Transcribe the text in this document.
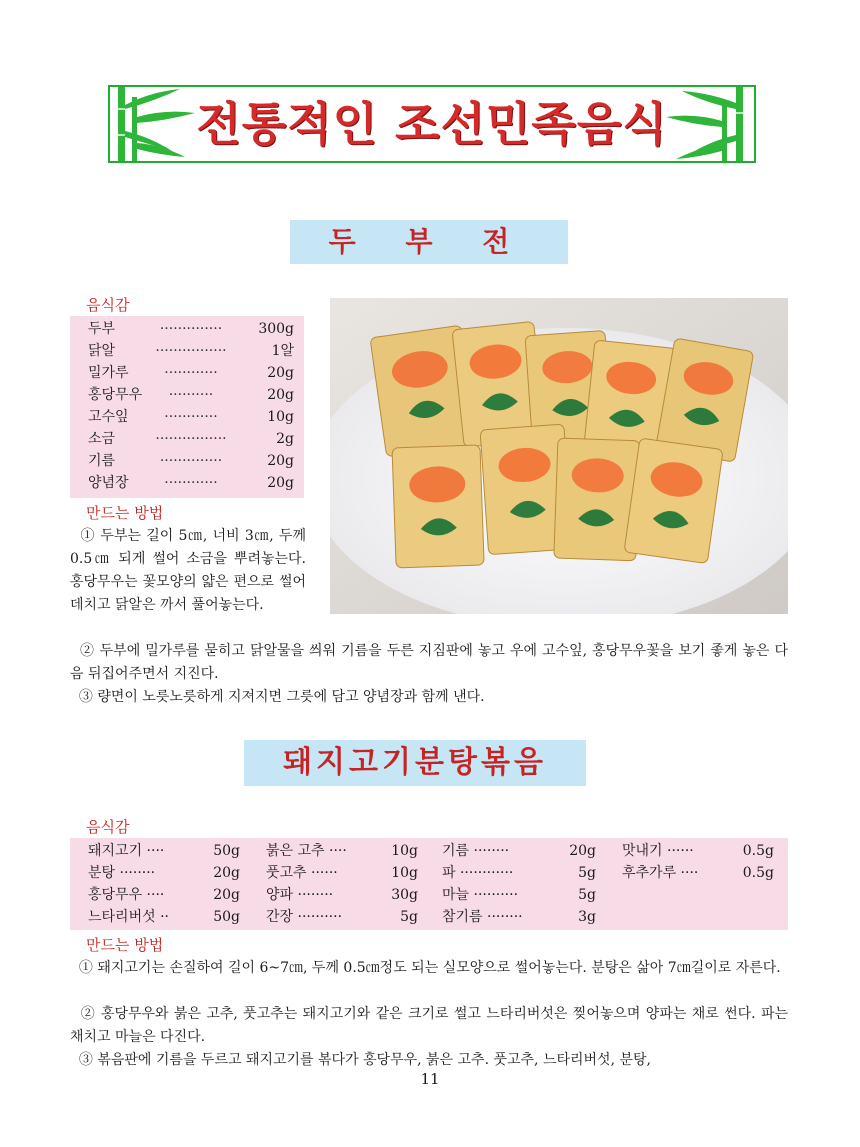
전통적인 조선민족음식
두 부 전
음식감
··············
두부	300g
················
닭알	1알
············
밀가루	20g
··········
홍당무우	20g
············
고수잎	10g
················
소금	2g
··············
기름	20g
············
양념장	20g
만드는 방법
① 두부는 길이 5㎝, 너비 3㎝, 두께 0.5㎝ 되게 썰어 소금을 뿌려놓는다. 홍당무우는 꽃모양의 얇은 편으로 썰어 데치고 닭알은 까서 풀어놓는다.
② 두부에 밀가루를 묻히고 닭알물을 씌워 기름을 두른 지짐판에 놓고 우에 고수잎, 홍당무우꽃을 보기 좋게 놓은 다음 뒤집어주면서 지진다.
③ 량면이 노릇노릇하게 지져지면 그릇에 담고 양념장과 함께 낸다.
돼지고기분탕볶음
음식감
돼지고기 ····	50g 붉은 고추 ····	10g 기름 ········	20g 맛내기 ······	0.5g
분탕 ········	20g 풋고추 ······	10g 파 ············	5g 후추가루 ····	0.5g
홍당무우 ····	20g 양파 ········	30g 마늘 ··········	5g
느타리버섯 ··	50g 간장 ··········	5g 참기름 ········	3g
만드는 방법
① 돼지고기는 손질하여 길이 6~7㎝, 두께 0.5㎝정도 되는 실모양으로 썰어놓는다. 분탕은 삶아 7㎝길이로 자른다.
② 홍당무우와 붉은 고추, 풋고추는 돼지고기와 같은 크기로 썰고 느타리버섯은 찢어놓으며 양파는 채로 썬다. 파는 채치고 마늘은 다진다.
③ 볶음판에 기름을 두르고 돼지고기를 볶다가 홍당무우, 붉은 고추. 풋고추, 느타리버섯, 분탕,
11
